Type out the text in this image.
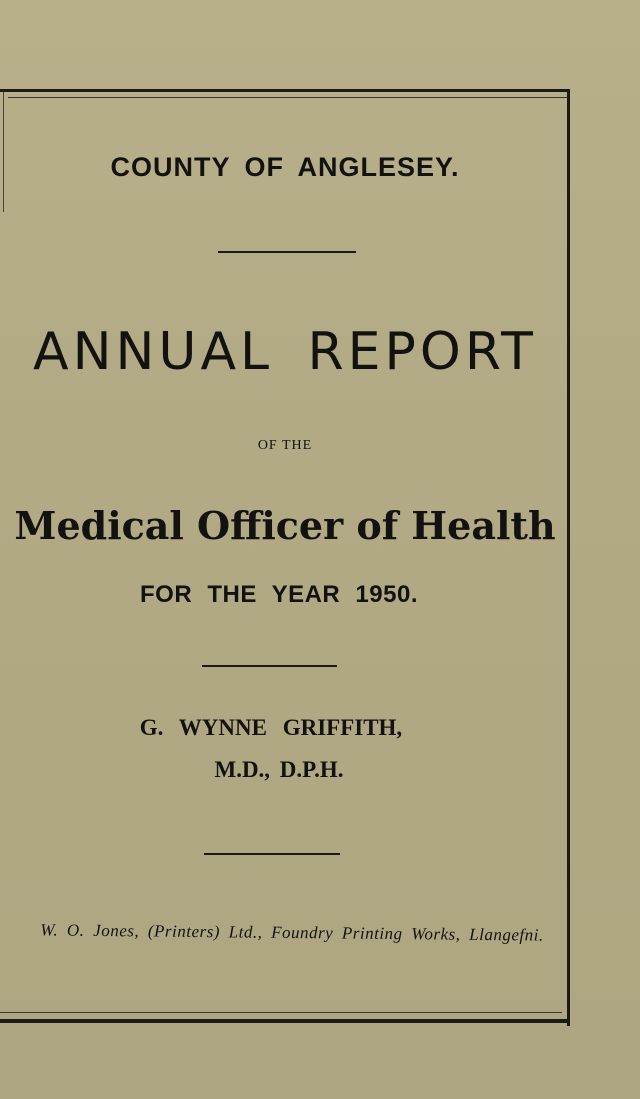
COUNTY OF ANGLESEY.
ANNUAL REPORT
OF THE
Medical Officer of Health
FOR THE YEAR 1950.
G. WYNNE GRIFFITH,
M.D., D.P.H.
W. O. Jones, (Printers) Ltd., Foundry Printing Works, Llangefni.
